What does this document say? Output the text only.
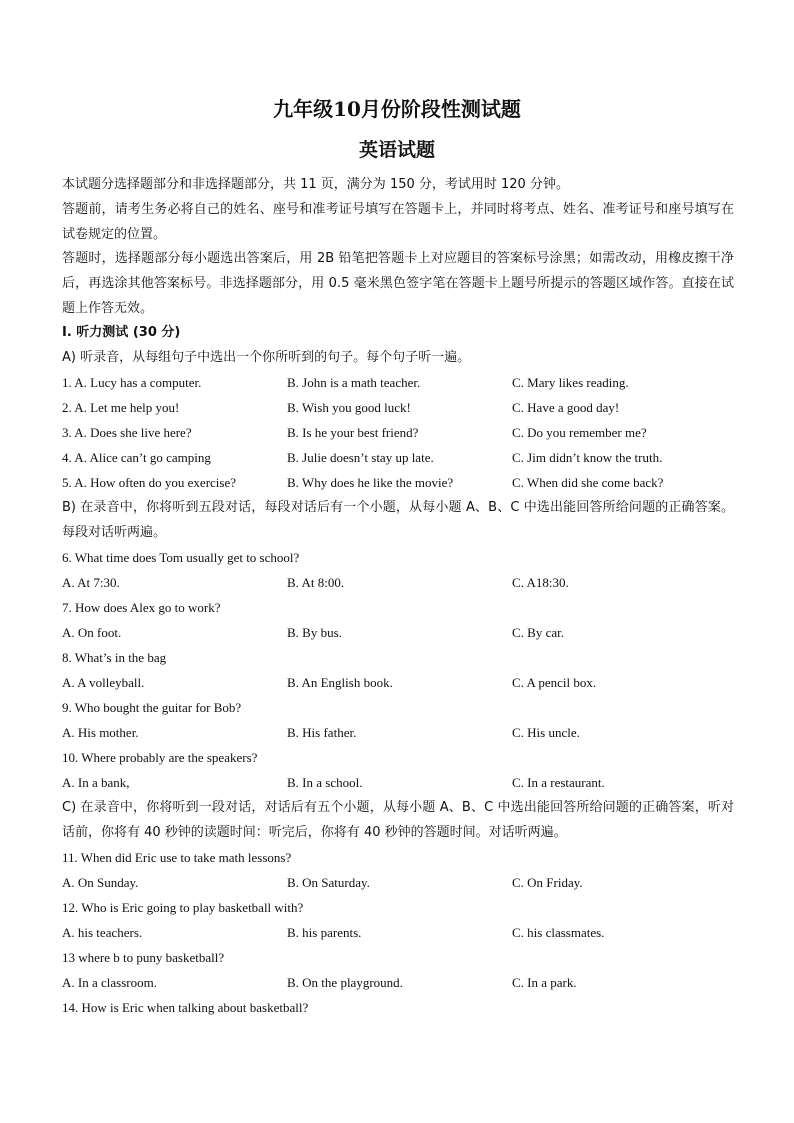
九年级10月份阶段性测试题
英语试题
本试题分选择题部分和非选择题部分，共 11 页，满分为 150 分，考试用时 120 分钟。
答题前，请考生务必将自己的姓名、座号和准考证号填写在答题卡上，并同时将考点、姓名、准考证号和座号填写在试卷规定的位置。
答题时，选择题部分每小题选出答案后，用 2B 铅笔把答题卡上对应题目的答案标号涂黑；如需改动，用橡皮擦干净后，再选涂其他答案标号。非选择题部分，用 0.5 毫米黑色签字笔在答题卡上题号所提示的答题区域作答。直接在试题上作答无效。
I. 听力测试 (30 分)
A) 听录音，从每组句子中选出一个你所听到的句子。每个句子听一遍。
1. A. Lucy has a computer.	B. John is a math teacher.	C. Mary likes reading.
2. A. Let me help you!	B. Wish you good luck!	C. Have a good day!
3. A. Does she live here?	B. Is he your best friend?	C. Do you remember me?
4. A. Alice can’t go camping	B. Julie doesn’t stay up late.	C. Jim didn’t know the truth.
5. A. How often do you exercise?	B. Why does he like the movie?	C. When did she come back?
B) 在录音中，你将听到五段对话，每段对话后有一个小题，从每小题 A、B、C 中选出能回答所给问题的正确答案。每段对话听两遍。
6. What time does Tom usually get to school?
A. At 7:30.	B. At 8:00.	C. A18:30.
7. How does Alex go to work?
A. On foot.	B. By bus.	C. By car.
8. What’s in the bag
A. A volleyball.	B. An English book.	C. A pencil box.
9. Who bought the guitar for Bob?
A. His mother.	B. His father.	C. His uncle.
10. Where probably are the speakers?
A. In a bank,	B. In a school.	C. In a restaurant.
C) 在录音中，你将听到一段对话，对话后有五个小题，从每小题 A、B、C 中选出能回答所给问题的正确答案，听对话前，你将有 40 秒钟的读题时间：听完后，你将有 40 秒钟的答题时间。对话听两遍。
11. When did Eric use to take math lessons?
A. On Sunday.	B. On Saturday.	C. On Friday.
12. Who is Eric going to play basketball with?
A. his teachers.	B. his parents.	C. his classmates.
13 where b to puny basketball?
A. In a classroom.	B. On the playground.	C. In a park.
14. How is Eric when talking about basketball?
